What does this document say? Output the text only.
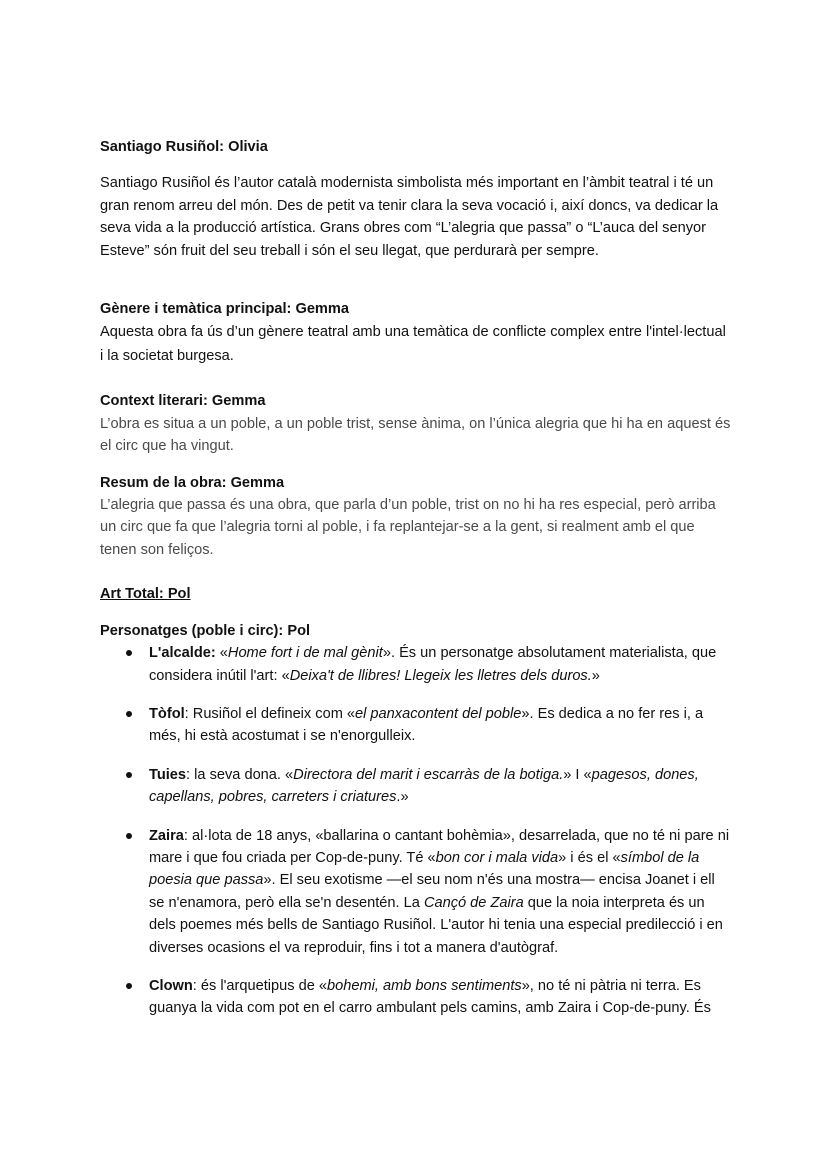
Santiago Rusiñol: Olivia

Santiago Rusiñol és l’autor català modernista simbolista més important en l’àmbit teatral i té un gran renom arreu del món. Des de petit va tenir clara la seva vocació i, així doncs, va dedicar la seva vida a la producció artística. Grans obres com “L’alegria que passa” o “L’auca del senyor Esteve” són fruit del seu treball i són el seu llegat, que perdurarà per sempre.

Gènere i temàtica principal: Gemma

Aquesta obra fa ús d’un gènere teatral amb una temàtica de conflicte complex entre l'intel·lectual i la societat burgesa.

Context literari: Gemma

L’obra es situa a un poble, a un poble trist, sense ànima, on l’única alegria que hi ha en aquest és el circ que ha vingut.

Resum de la obra: Gemma

L’alegria que passa és una obra, que parla d’un poble, trist on no hi ha res especial, però arriba un circ que fa que l’alegria torni al poble, i fa replantejar-se a la gent, si realment amb el que tenen son feliços.

Art Total: Pol

Personatges (poble i circ): Pol

L'alcalde: «Home fort i de mal gènit». És un personatge absolutament materialista, que considera inútil l'art: «Deixa't de llibres! Llegeix les lletres dels duros.»
Tòfol: Rusiñol el defineix com «el panxacontent del poble». Es dedica a no fer res i, a més, hi està acostumat i se n'enorgulleix.
Tuies: la seva dona. «Directora del marit i escarràs de la botiga.» I «pagesos, dones, capellans, pobres, carreters i criatures.»
Zaira: al·lota de 18 anys, «ballarina o cantant bohèmia», desarrelada, que no té ni pare ni mare i que fou criada per Cop-de-puny. Té «bon cor i mala vida» i és el «símbol de la poesia que passa». El seu exotisme —el seu nom n'és una mostra— encisa Joanet i ell se n'enamora, però ella se'n desentén. La Cançó de Zaira que la noia interpreta és un dels poemes més bells de Santiago Rusiñol. L'autor hi tenia una especial predilecció i en diverses ocasions el va reproduir, fins i tot a manera d'autògraf.
Clown: és l'arquetipus de «bohemi, amb bons sentiments», no té ni pàtria ni terra. Es guanya la vida com pot en el carro ambulant pels camins, amb Zaira i Cop-de-puny. És
